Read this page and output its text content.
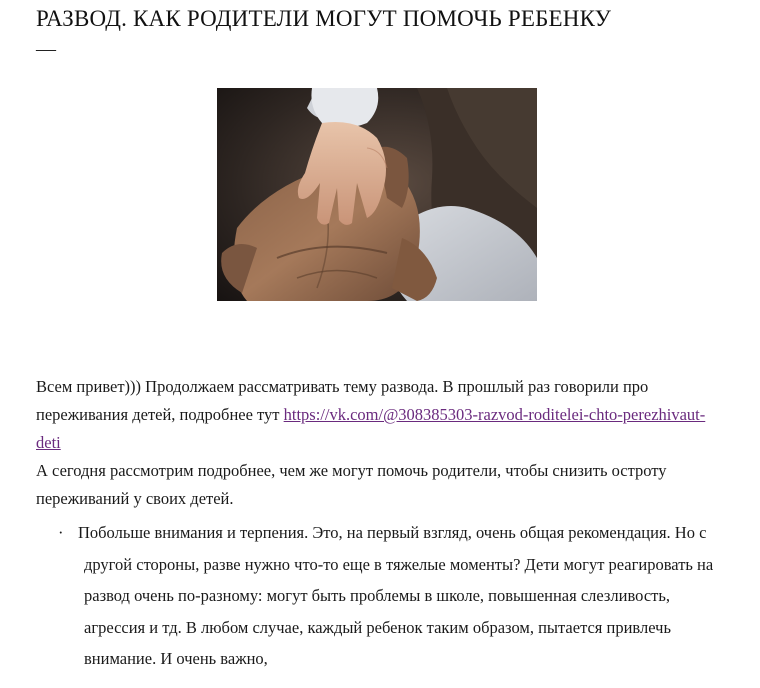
РАЗВОД. КАК РОДИТЕЛИ МОГУТ ПОМОЧЬ РЕБЕНКУ
—

Всем привет))) Продолжаем рассматривать тему развода. В прошлый раз говорили про переживания детей, подробнее тут https://vk.com/@308385303-razvod-roditelei-chto-perezhivaut-deti

А сегодня рассмотрим подробнее, чем же могут помочь родители, чтобы снизить остроту переживаний у своих детей.

· Побольше внимания и терпения. Это, на первый взгляд, очень общая рекомендация. Но с другой стороны, разве нужно что-то еще в тяжелые моменты? Дети могут реагировать на развод очень по-разному: могут быть проблемы в школе, повышенная слезливость, агрессия и тд. В любом случае, каждый ребенок таким образом, пытается привлечь внимание. И очень важно,
